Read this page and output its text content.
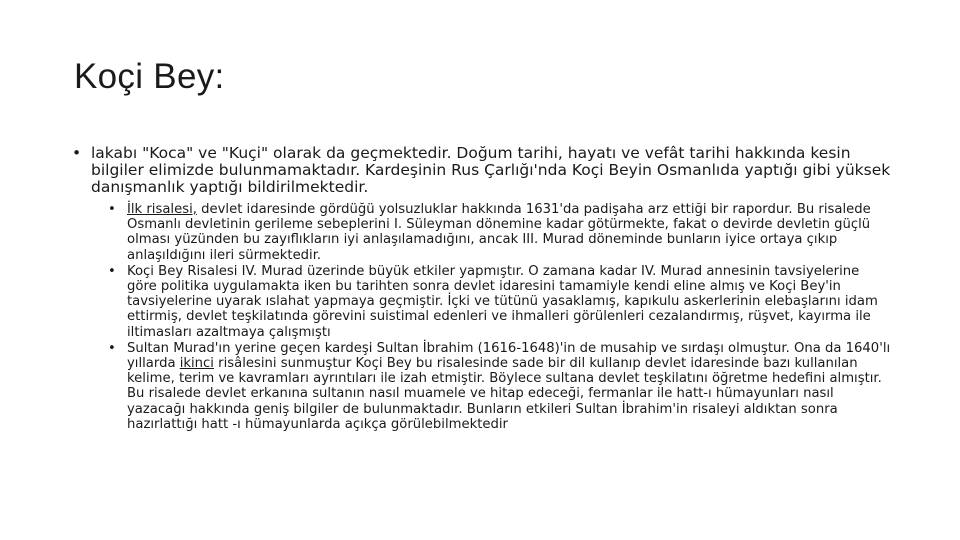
Koçi Bey:
• lakabı "Koca" ve "Kuçi" olarak da geçmektedir. Doğum tarihi, hayatı ve vefât tarihi hakkında kesin bilgiler elimizde bulunmamaktadır. Kardeşinin Rus Çarlığı'nda Koçi Beyin Osmanlıda yaptığı gibi yüksek danışmanlık yaptığı bildirilmektedir.
• İlk risalesi, devlet idaresinde gördüğü yolsuzluklar hakkında 1631'da padişaha arz ettiği bir rapordur. Bu risalede Osmanlı devletinin gerileme sebeplerini I. Süleyman dönemine kadar götürmekte, fakat o devirde devletin güçlü olması yüzünden bu zayıflıkların iyi anlaşılamadığını, ancak III. Murad döneminde bunların iyice ortaya çıkıp anlaşıldığını ileri sürmektedir.
• Koçi Bey Risalesi IV. Murad üzerinde büyük etkiler yapmıştır. O zamana kadar IV. Murad annesinin tavsiyelerine göre politika uygulamakta iken bu tarihten sonra devlet idaresini tamamiyle kendi eline almış ve Koçi Bey'in tavsiyelerine uyarak ıslahat yapmaya geçmiştir. İçki ve tütünü yasaklamış, kapıkulu askerlerinin elebaşlarını idam ettirmiş, devlet teşkilatında görevini suistimal edenleri ve ihmalleri görülenleri cezalandırmış, rüşvet, kayırma ile iltimasları azaltmaya çalışmıştı
• Sultan Murad'ın yerine geçen kardeşi Sultan İbrahim (1616-1648)'in de musahip ve sırdaşı olmuştur. Ona da 1640'lı yıllarda ikinci risâlesini sunmuştur Koçi Bey bu risalesinde sade bir dil kullanıp devlet idaresinde bazı kullanılan kelime, terim ve kavramları ayrıntıları ile izah etmiştir. Böylece sultana devlet teşkilatını öğretme hedefini almıştır. Bu risalede devlet erkanına sultanın nasıl muamele ve hitap edeceği, fermanlar ile hatt-ı hümayunları nasıl yazacağı hakkında geniş bilgiler de bulunmaktadır. Bunların etkileri Sultan İbrahim'in risaleyi aldıktan sonra hazırlattığı hatt -ı hümayunlarda açıkça görülebilmektedir
